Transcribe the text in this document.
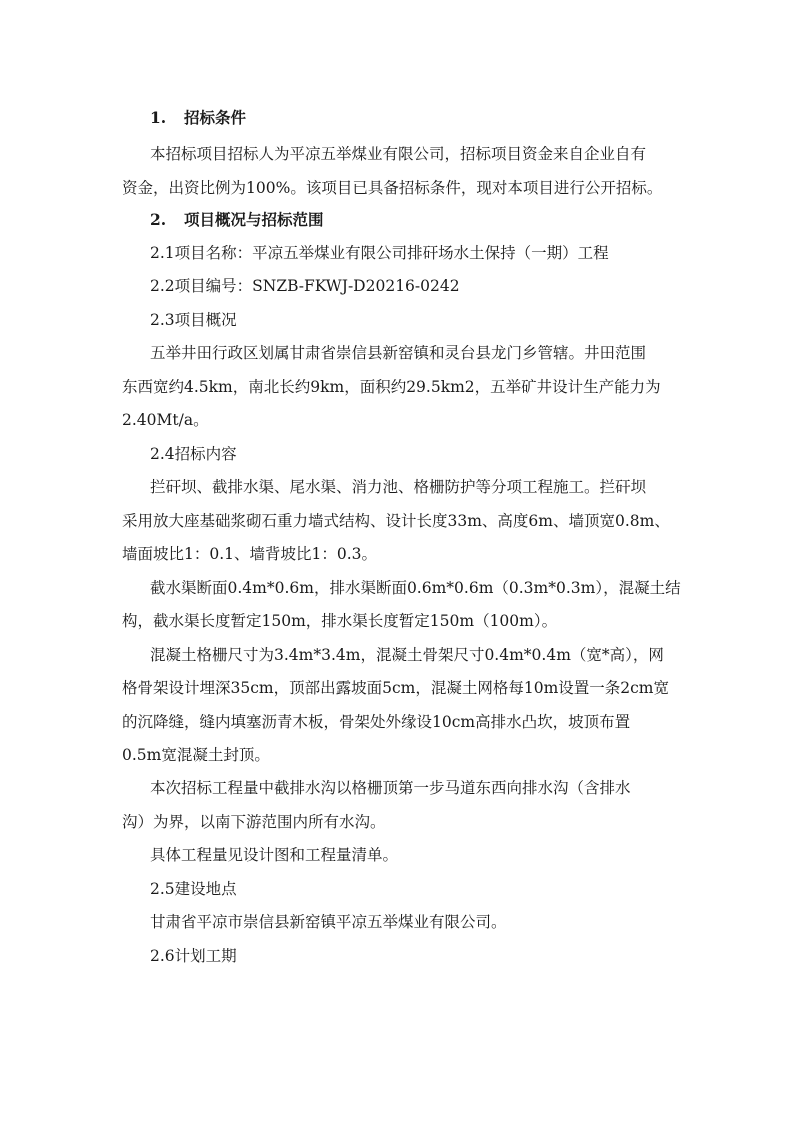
1. 招标条件
本招标项目招标人为平凉五举煤业有限公司，招标项目资金来自企业自有
资金，出资比例为100%。该项目已具备招标条件，现对本项目进行公开招标。
2. 项目概况与招标范围
2.1项目名称：平凉五举煤业有限公司排矸场水土保持（一期）工程
2.2项目编号：SNZB-FKWJ-D20216-0242
2.3项目概况
五举井田行政区划属甘肃省崇信县新窑镇和灵台县龙门乡管辖。井田范围
东西宽约4.5km，南北长约9km，面积约29.5km2，五举矿井设计生产能力为
2.40Mt/a。
2.4招标内容
拦矸坝、截排水渠、尾水渠、消力池、格栅防护等分项工程施工。拦矸坝
采用放大座基础浆砌石重力墙式结构、设计长度33m、高度6m、墙顶宽0.8m、
墙面坡比1：0.1、墙背坡比1：0.3。
截水渠断面0.4m*0.6m，排水渠断面0.6m*0.6m（0.3m*0.3m），混凝土结
构，截水渠长度暂定150m，排水渠长度暂定150m（100m）。
混凝土格栅尺寸为3.4m*3.4m，混凝土骨架尺寸0.4m*0.4m（宽*高），网
格骨架设计埋深35cm，顶部出露坡面5cm，混凝土网格每10m设置一条2cm宽
的沉降缝，缝内填塞沥青木板，骨架处外缘设10cm高排水凸坎，坡顶布置
0.5m宽混凝土封顶。
本次招标工程量中截排水沟以格栅顶第一步马道东西向排水沟（含排水
沟）为界，以南下游范围内所有水沟。
具体工程量见设计图和工程量清单。
2.5建设地点
甘肃省平凉市崇信县新窑镇平凉五举煤业有限公司。
2.6计划工期
